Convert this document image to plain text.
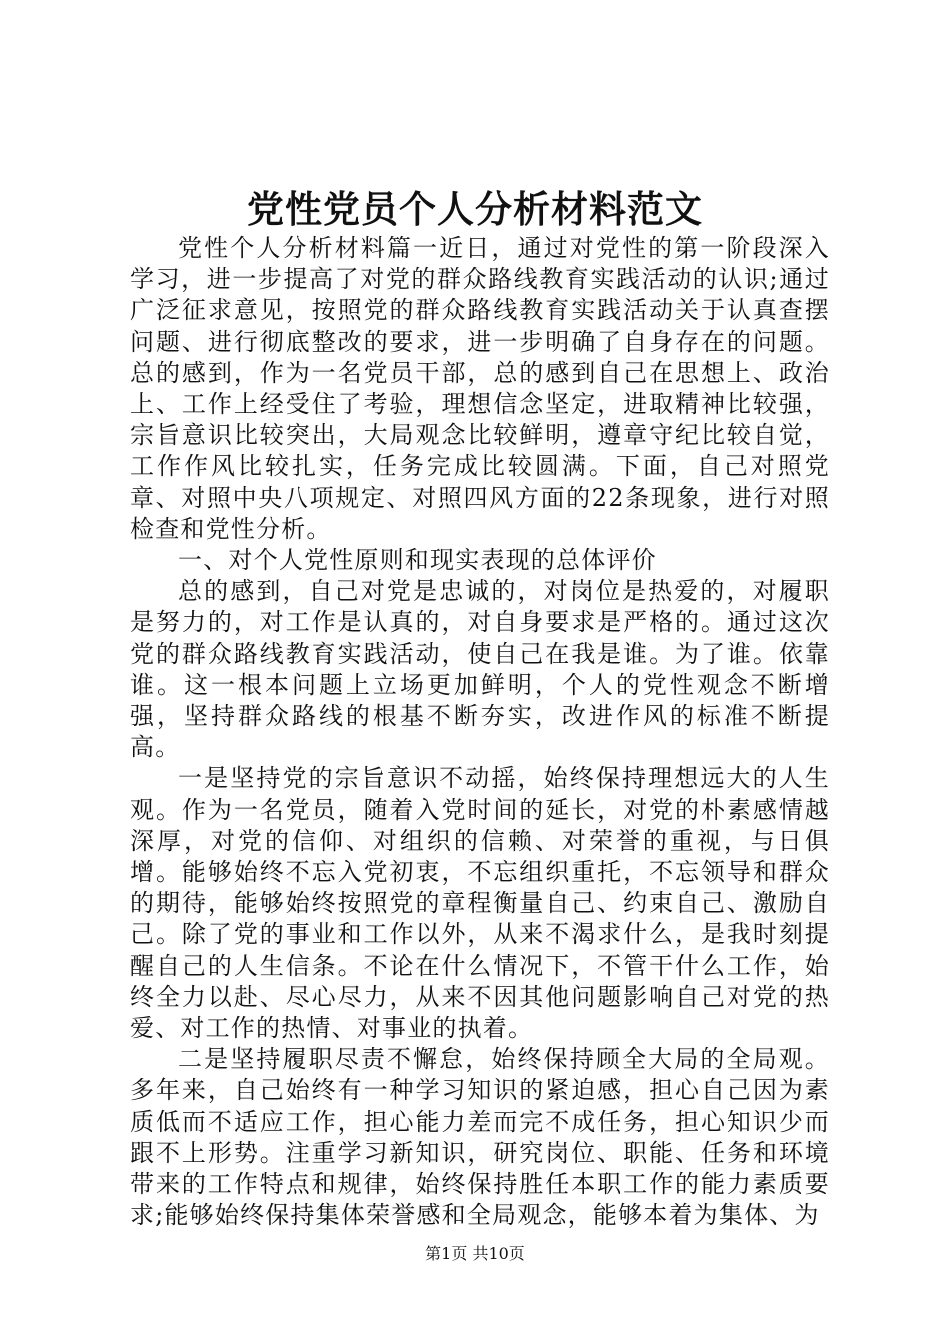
党性党员个人分析材料范文

党性个人分析材料篇一近日，通过对党性的第一阶段深入学习，进一步提高了对党的群众路线教育实践活动的认识;通过广泛征求意见，按照党的群众路线教育实践活动关于认真查摆问题、进行彻底整改的要求，进一步明确了自身存在的问题。总的感到，作为一名党员干部，总的感到自己在思想上、政治上、工作上经受住了考验，理想信念坚定，进取精神比较强，宗旨意识比较突出，大局观念比较鲜明，遵章守纪比较自觉，工作作风比较扎实，任务完成比较圆满。下面，自己对照党章、对照中央八项规定、对照四风方面的22条现象，进行对照检查和党性分析。

一、对个人党性原则和现实表现的总体评价

总的感到，自己对党是忠诚的，对岗位是热爱的，对履职是努力的，对工作是认真的，对自身要求是严格的。通过这次党的群众路线教育实践活动，使自己在我是谁。为了谁。依靠谁。这一根本问题上立场更加鲜明，个人的党性观念不断增强，坚持群众路线的根基不断夯实，改进作风的标准不断提高。

一是坚持党的宗旨意识不动摇，始终保持理想远大的人生观。作为一名党员，随着入党时间的延长，对党的朴素感情越深厚，对党的信仰、对组织的信赖、对荣誉的重视，与日俱增。能够始终不忘入党初衷，不忘组织重托，不忘领导和群众的期待，能够始终按照党的章程衡量自己、约束自己、激励自己。除了党的事业和工作以外，从来不渴求什么，是我时刻提醒自己的人生信条。不论在什么情况下，不管干什么工作，始终全力以赴、尽心尽力，从来不因其他问题影响自己对党的热爱、对工作的热情、对事业的执着。

二是坚持履职尽责不懈怠，始终保持顾全大局的全局观。多年来，自己始终有一种学习知识的紧迫感，担心自己因为素质低而不适应工作，担心能力差而完不成任务，担心知识少而跟不上形势。注重学习新知识，研究岗位、职能、任务和环境带来的工作特点和规律，始终保持胜任本职工作的能力素质要求;能够始终保持集体荣誉感和全局观念，能够本着为集体、为

第1页 共10页
